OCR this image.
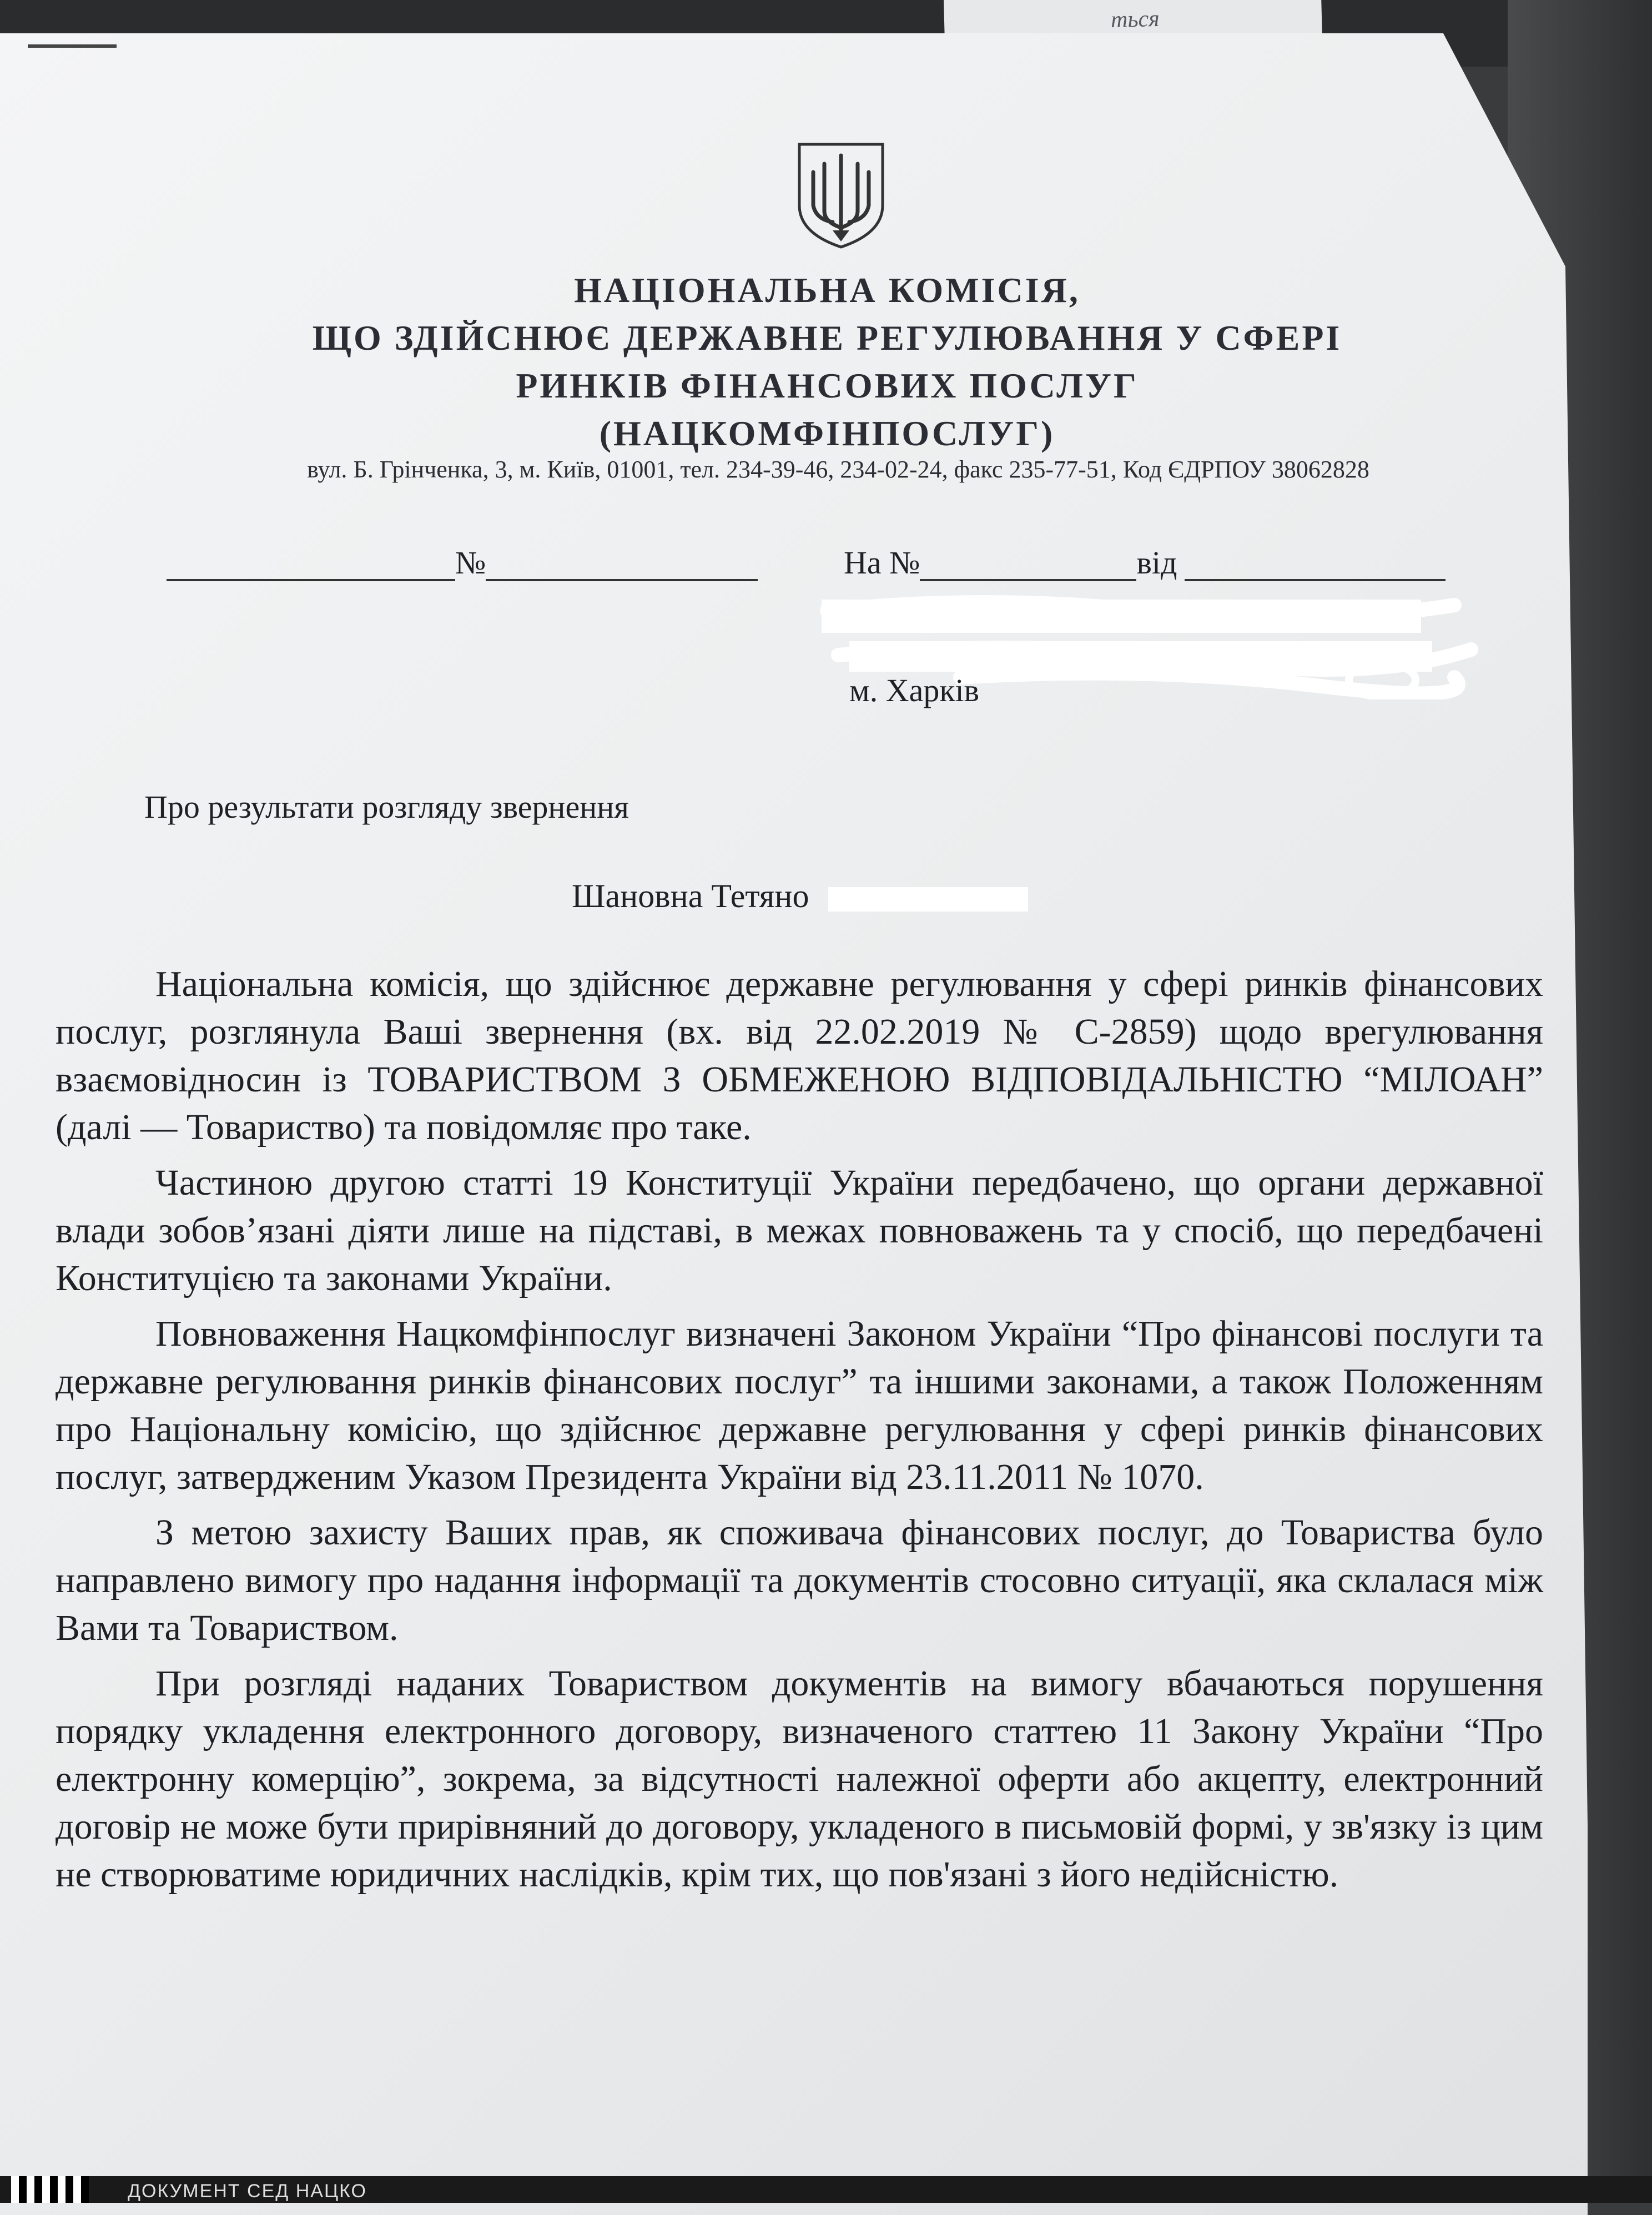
ться
НАЦІОНАЛЬНА КОМІСІЯ,
ЩО ЗДІЙСНЮЄ ДЕРЖАВНЕ РЕГУЛЮВАННЯ У СФЕРІ
РИНКІВ ФІНАНСОВИХ ПОСЛУГ
(НАЦКОМФІНПОСЛУГ)
вул. Б. Грінченка, 3, м. Київ, 01001, тел. 234-39-46, 234-02-24, факс 235-77-51, Код ЄДРПОУ 38062828
№	На №	від
м. Харків
Про результати розгляду звернення
Шановна Тетяно

Національна комісія, що здійснює державне регулювання у сфері ринків фінансових послуг, розглянула Ваші звернення (вх. від 22.02.2019 № С-2859) щодо врегулювання взаємовідносин із ТОВАРИСТВОМ З ОБМЕЖЕНОЮ ВІДПОВІДАЛЬНІСТЮ “МІЛОАН” (далі — Товариство) та повідомляє про таке.

Частиною другою статті 19 Конституції України передбачено, що органи державної влади зобов’язані діяти лише на підставі, в межах повноважень та у спосіб, що передбачені Конституцією та законами України.

Повноваження Нацкомфінпослуг визначені Законом України “Про фінансові послуги та державне регулювання ринків фінансових послуг” та іншими законами, а також Положенням про Національну комісію, що здійснює державне регулювання у сфері ринків фінансових послуг, затвердженим Указом Президента України від 23.11.2011 № 1070.

З метою захисту Ваших прав, як споживача фінансових послуг, до Товариства було направлено вимогу про надання інформації та документів стосовно ситуації, яка склалася між Вами та Товариством.

При розгляді наданих Товариством документів на вимогу вбачаються порушення порядку укладення електронного договору, визначеного статтею 11 Закону України “Про електронну комерцію”, зокрема, за відсутності належної оферти або акцепту, електронний договір не може бути прирівняний до договору, укладеного в письмовій формі, у зв'язку із цим не створюватиме юридичних наслідків, крім тих, що пов'язані з його недійсністю.

ДОКУМЕНТ СЕД НАЦКО
